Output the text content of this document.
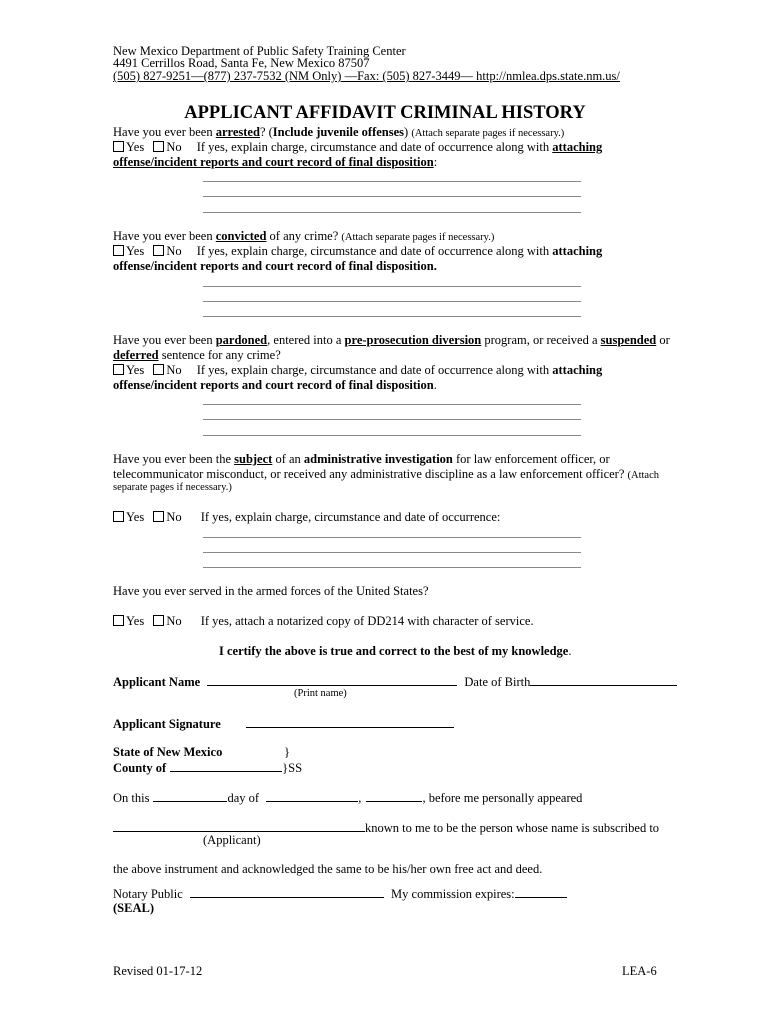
New Mexico Department of Public Safety Training Center
4491 Cerrillos Road, Santa Fe, New Mexico 87507
(505) 827-9251—(877) 237-7532 (NM Only) —Fax: (505) 827-3449— http://nmlea.dps.state.nm.us/
APPLICANT AFFIDAVIT CRIMINAL HISTORY
Have you ever been arrested? (Include juvenile offenses) (Attach separate pages if necessary.)
Yes No If yes, explain charge, circumstance and date of occurrence along with attaching
offense/incident reports and court record of final disposition:
Have you ever been convicted of any crime? (Attach separate pages if necessary.)
Yes No If yes, explain charge, circumstance and date of occurrence along with attaching
offense/incident reports and court record of final disposition.
Have you ever been pardoned, entered into a pre-prosecution diversion program, or received a suspended or
deferred sentence for any crime?
Yes No If yes, explain charge, circumstance and date of occurrence along with attaching
offense/incident reports and court record of final disposition.
Have you ever been the subject of an administrative investigation for law enforcement officer, or
telecommunicator misconduct, or received any administrative discipline as a law enforcement officer? (Attach
separate pages if necessary.)
Yes No If yes, explain charge, circumstance and date of occurrence:
Have you ever served in the armed forces of the United States?
Yes No If yes, attach a notarized copy of DD214 with character of service.
I certify the above is true and correct to the best of my knowledge.
Applicant Name	Date of Birth
(Print name)
Applicant Signature
State of New Mexico	}
County of	}SS
On this	day of	,	, before me personally appeared
known to me to be the person whose name is subscribed to
(Applicant)
the above instrument and acknowledged the same to be his/her own free act and deed.
Notary Public	My commission expires:
(SEAL)
Revised 01-17-12	LEA-6
